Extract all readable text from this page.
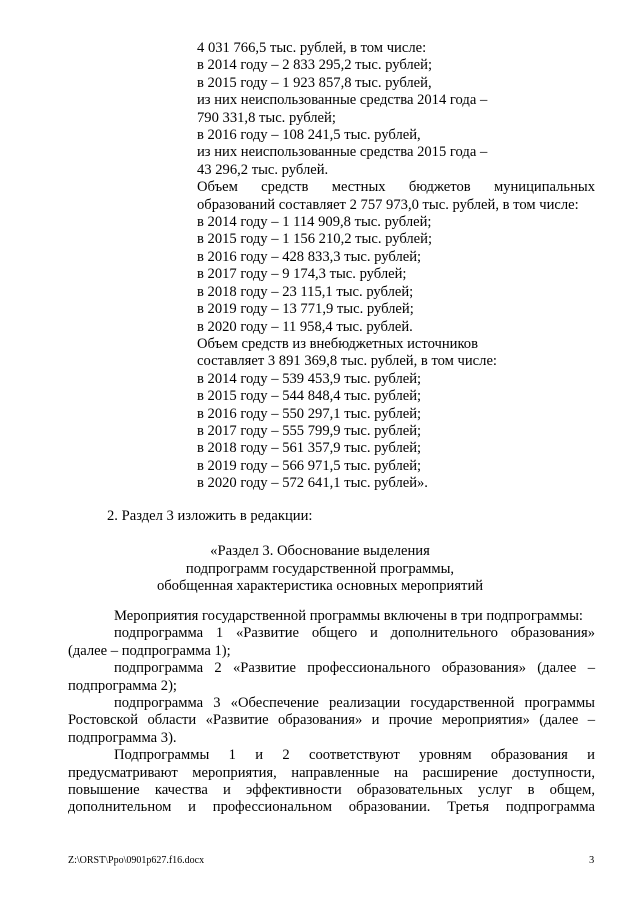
4 031 766,5 тыс. рублей, в том числе:
в 2014 году – 2 833 295,2 тыс. рублей;
в 2015 году – 1 923 857,8 тыс. рублей,
из них неиспользованные средства 2014 года –
790 331,8 тыс. рублей;
в 2016 году – 108 241,5 тыс. рублей,
из них неиспользованные средства 2015 года –
43 296,2 тыс. рублей.
Объем средств местных бюджетов муниципальных
образований составляет 2 757 973,0 тыс. рублей, в том числе:
в 2014 году – 1 114 909,8 тыс. рублей;
в 2015 году – 1 156 210,2 тыс. рублей;
в 2016 году – 428 833,3 тыс. рублей;
в 2017 году – 9 174,3 тыс. рублей;
в 2018 году – 23 115,1 тыс. рублей;
в 2019 году – 13 771,9 тыс. рублей;
в 2020 году – 11 958,4 тыс. рублей.
Объем средств из внебюджетных источников
составляет 3 891 369,8 тыс. рублей, в том числе:
в 2014 году – 539 453,9 тыс. рублей;
в 2015 году – 544 848,4 тыс. рублей;
в 2016 году – 550 297,1 тыс. рублей;
в 2017 году – 555 799,9 тыс. рублей;
в 2018 году – 561 357,9 тыс. рублей;
в 2019 году – 566 971,5 тыс. рублей;
в 2020 году – 572 641,1 тыс. рублей».
2. Раздел 3 изложить в редакции:
«Раздел 3. Обоснование выделения
подпрограмм государственной программы,
обобщенная характеристика основных мероприятий
Мероприятия государственной программы включены в три подпрограммы:
подпрограмма 1 «Развитие общего и дополнительного образования»
(далее – подпрограмма 1);
подпрограмма 2 «Развитие профессионального образования» (далее –
подпрограмма 2);
подпрограмма 3 «Обеспечение реализации государственной программы
Ростовской области «Развитие образования» и прочие мероприятия» (далее –
подпрограмма 3).
Подпрограммы 1 и 2 соответствуют уровням образования и
предусматривают мероприятия, направленные на расширение доступности,
повышение качества и эффективности образовательных услуг в общем,
дополнительном и профессиональном образовании. Третья подпрограмма
Z:\ORST\Ppo\0901p627.f16.docx	3
